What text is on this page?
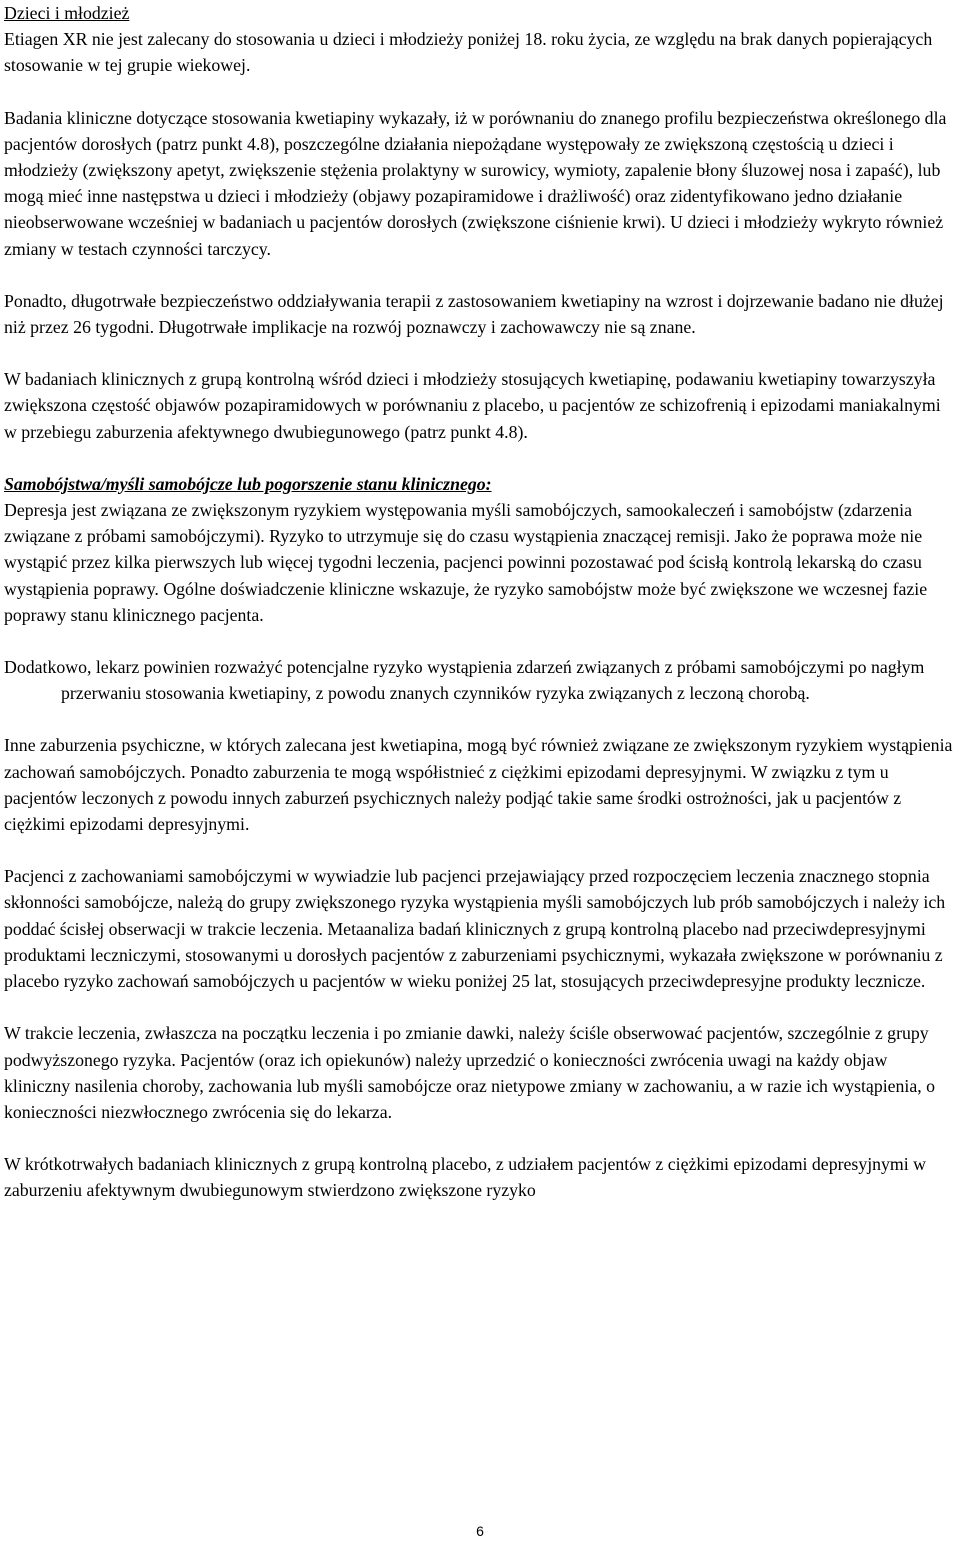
Dzieci i młodzież
Etiagen XR nie jest zalecany do stosowania u dzieci i młodzieży poniżej 18. roku życia, ze względu na brak danych popierających stosowanie w tej grupie wiekowej.

Badania kliniczne dotyczące stosowania kwetiapiny wykazały, iż w porównaniu do znanego profilu bezpieczeństwa określonego dla pacjentów dorosłych (patrz punkt 4.8), poszczególne działania niepożądane występowały ze zwiększoną częstością u dzieci i młodzieży (zwiększony apetyt, zwiększenie stężenia prolaktyny w surowicy, wymioty, zapalenie błony śluzowej nosa i zapaść), lub mogą mieć inne następstwa u dzieci i młodzieży (objawy pozapiramidowe i drażliwość) oraz zidentyfikowano jedno działanie nieobserwowane wcześniej w badaniach u pacjentów dorosłych (zwiększone ciśnienie krwi). U dzieci i młodzieży wykryto również zmiany w testach czynności tarczycy.

Ponadto, długotrwałe bezpieczeństwo oddziaływania terapii z zastosowaniem kwetiapiny na wzrost i dojrzewanie badano nie dłużej niż przez 26 tygodni. Długotrwałe implikacje na rozwój poznawczy i zachowawczy nie są znane.

W badaniach klinicznych z grupą kontrolną wśród dzieci i młodzieży stosujących kwetiapinę, podawaniu kwetiapiny towarzyszyła zwiększona częstość objawów pozapiramidowych w porównaniu z placebo, u pacjentów ze schizofrenią i epizodami maniakalnymi w przebiegu zaburzenia afektywnego dwubiegunowego (patrz punkt 4.8).

Samobójstwa/myśli samobójcze lub pogorszenie stanu klinicznego:
Depresja jest związana ze zwiększonym ryzykiem występowania myśli samobójczych, samookaleczeń i samobójstw (zdarzenia związane z próbami samobójczymi). Ryzyko to utrzymuje się do czasu wystąpienia znaczącej remisji. Jako że poprawa może nie wystąpić przez kilka pierwszych lub więcej tygodni leczenia, pacjenci powinni pozostawać pod ścisłą kontrolą lekarską do czasu wystąpienia poprawy. Ogólne doświadczenie kliniczne wskazuje, że ryzyko samobójstw może być zwiększone we wczesnej fazie poprawy stanu klinicznego pacjenta.

Dodatkowo, lekarz powinien rozważyć potencjalne ryzyko wystąpienia zdarzeń związanych z próbami samobójczymi po nagłym przerwaniu stosowania kwetiapiny, z powodu znanych czynników ryzyka związanych z leczoną chorobą.

Inne zaburzenia psychiczne, w których zalecana jest kwetiapina, mogą być również związane ze zwiększonym ryzykiem wystąpienia zachowań samobójczych. Ponadto zaburzenia te mogą współistnieć z ciężkimi epizodami depresyjnymi. W związku z tym u pacjentów leczonych z powodu innych zaburzeń psychicznych należy podjąć takie same środki ostrożności, jak u pacjentów z ciężkimi epizodami depresyjnymi.

Pacjenci z zachowaniami samobójczymi w wywiadzie lub pacjenci przejawiający przed rozpoczęciem leczenia znacznego stopnia skłonności samobójcze, należą do grupy zwiększonego ryzyka wystąpienia myśli samobójczych lub prób samobójczych i należy ich poddać ścisłej obserwacji w trakcie leczenia. Metaanaliza badań klinicznych z grupą kontrolną placebo nad przeciwdepresyjnymi produktami leczniczymi, stosowanymi u dorosłych pacjentów z zaburzeniami psychicznymi, wykazała zwiększone w porównaniu z placebo ryzyko zachowań samobójczych u pacjentów w wieku poniżej 25 lat, stosujących przeciwdepresyjne produkty lecznicze.

W trakcie leczenia, zwłaszcza na początku leczenia i po zmianie dawki, należy ściśle obserwować pacjentów, szczególnie z grupy podwyższonego ryzyka. Pacjentów (oraz ich opiekunów) należy uprzedzić o konieczności zwrócenia uwagi na każdy objaw kliniczny nasilenia choroby, zachowania lub myśli samobójcze oraz nietypowe zmiany w zachowaniu, a w razie ich wystąpienia, o konieczności niezwłocznego zwrócenia się do lekarza.

W krótkotrwałych badaniach klinicznych z grupą kontrolną placebo, z udziałem pacjentów z ciężkimi epizodami depresyjnymi w zaburzeniu afektywnym dwubiegunowym stwierdzono zwiększone ryzyko

6
